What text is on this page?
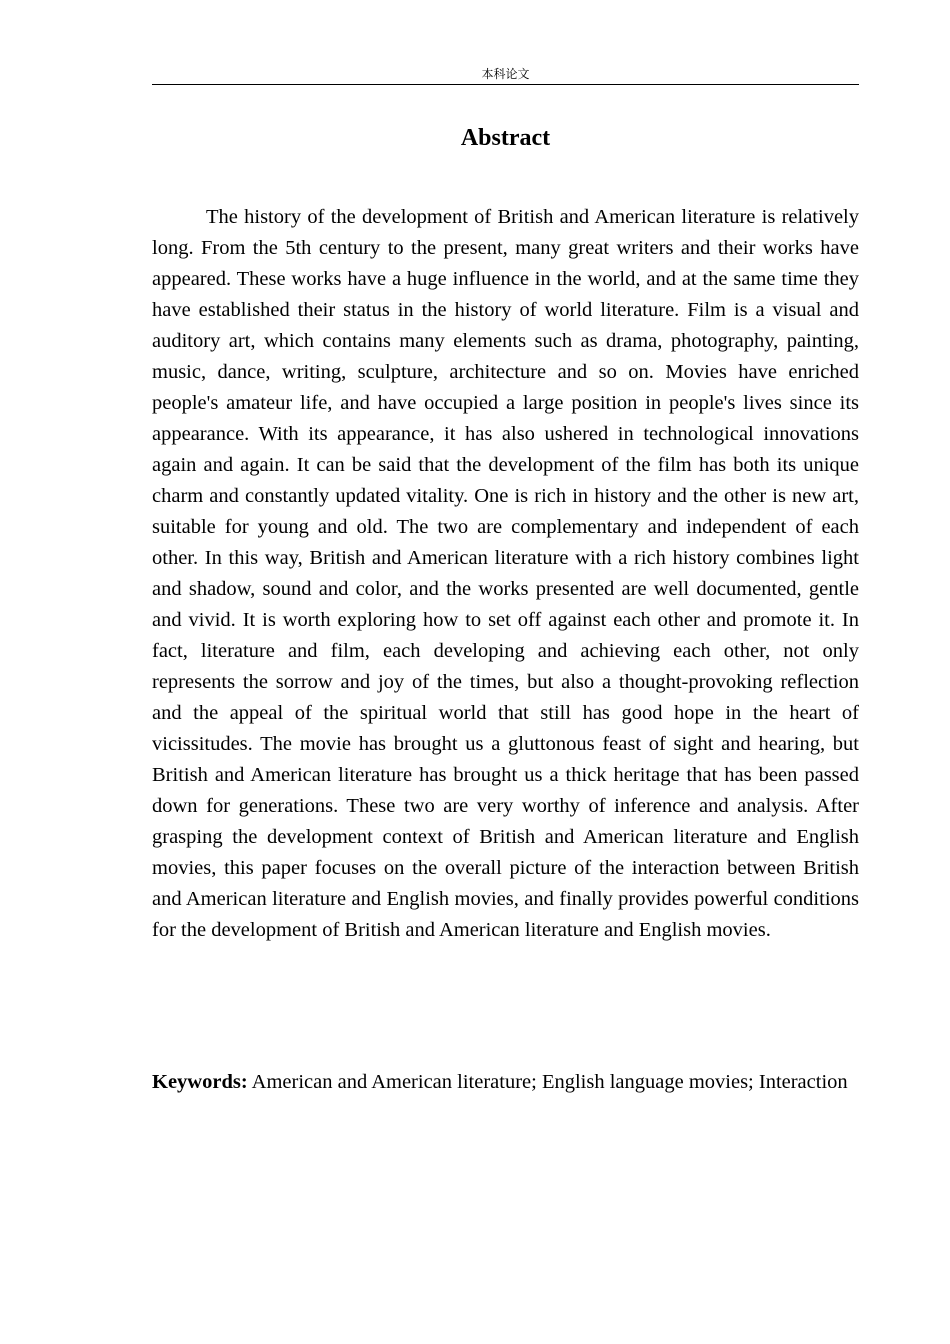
本科论文
Abstract

The history of the development of British and American literature is relatively long. From the 5th century to the present, many great writers and their works have appeared. These works have a huge influence in the world, and at the same time they have established their status in the history of world literature. Film is a visual and auditory art, which contains many elements such as drama, photography, painting, music, dance, writing, sculpture, architecture and so on. Movies have enriched people's amateur life, and have occupied a large position in people's lives since its appearance. With its appearance, it has also ushered in technological innovations again and again. It can be said that the development of the film has both its unique charm and constantly updated vitality. One is rich in history and the other is new art, suitable for young and old. The two are complementary and independent of each other. In this way, British and American literature with a rich history combines light and shadow, sound and color, and the works presented are well documented, gentle and vivid. It is worth exploring how to set off against each other and promote it. In fact, literature and film, each developing and achieving each other, not only represents the sorrow and joy of the times, but also a thought-provoking reflection and the appeal of the spiritual world that still has good hope in the heart of vicissitudes. The movie has brought us a gluttonous feast of sight and hearing, but British and American literature has brought us a thick heritage that has been passed down for generations. These two are very worthy of inference and analysis. After grasping the development context of British and American literature and English movies, this paper focuses on the overall picture of the interaction between British and American literature and English movies, and finally provides powerful conditions for the development of British and American literature and English movies.

Keywords: American and American literature; English language movies; Interaction
